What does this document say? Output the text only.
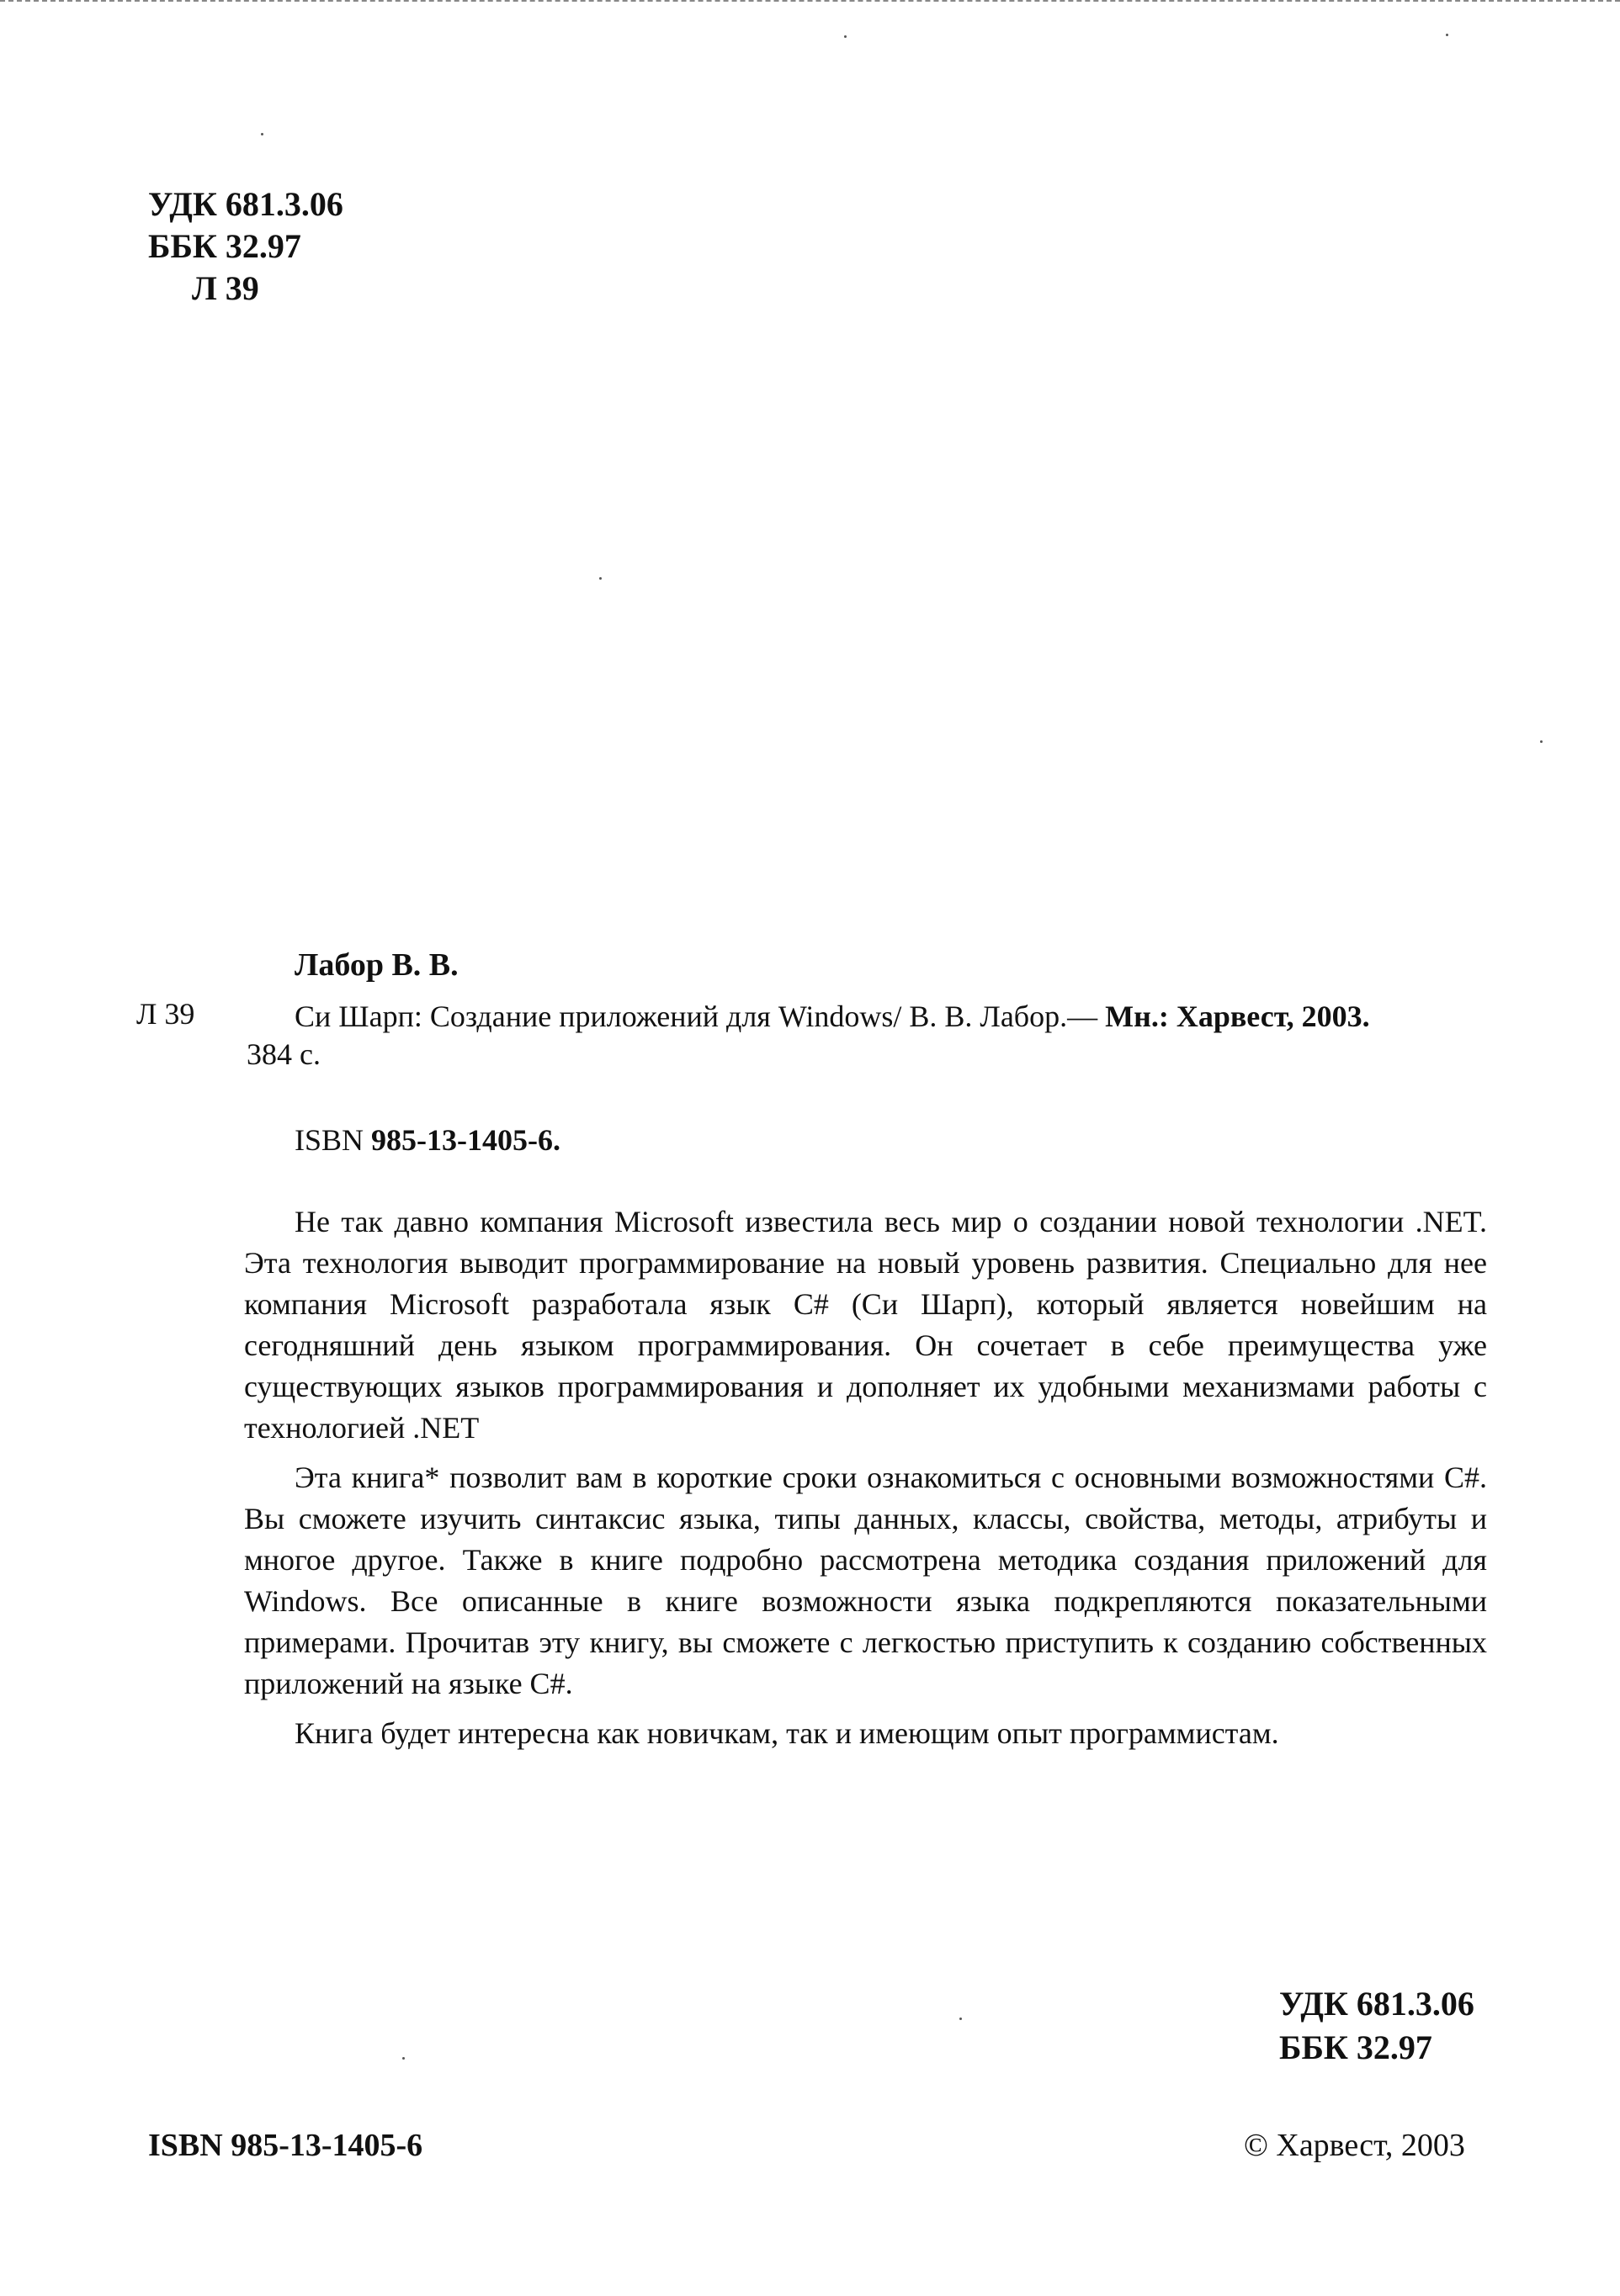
УДК 681.3.06
ББК 32.97
Л 39
Лабор В. В.
Л 39	Си Шарп: Создание приложений для Windows/ В. В. Лабор.— Мн.: Харвест, 2003.
384 с.
ISBN 985-13-1405-6.

Не так давно компания Microsoft известила весь мир о создании новой технологии .NET. Эта технология выводит программирование на новый уровень развития. Специально для нее компания Microsoft разработала язык С# (Си Шарп), который является новейшим на сегодняшний день языком программирования. Он сочетает в себе преимущества уже существующих языков программирования и дополняет их удобными механизмами работы с технологией .NET

Эта книга* позволит вам в короткие сроки ознакомиться с основными возможностями С#. Вы сможете изучить синтаксис языка, типы данных, классы, свойства, методы, атрибуты и многое другое. Также в книге подробно рассмотрена методика создания приложений для Windows. Все описанные в книге возможности языка подкрепляются показательными примерами. Прочитав эту книгу, вы сможете с легкостью приступить к созданию собственных приложений на языке С#.

Книга будет интересна как новичкам, так и имеющим опыт программистам.

УДК 681.3.06
ББК 32.97
ISBN 985-13-1405-6	© Харвест, 2003
